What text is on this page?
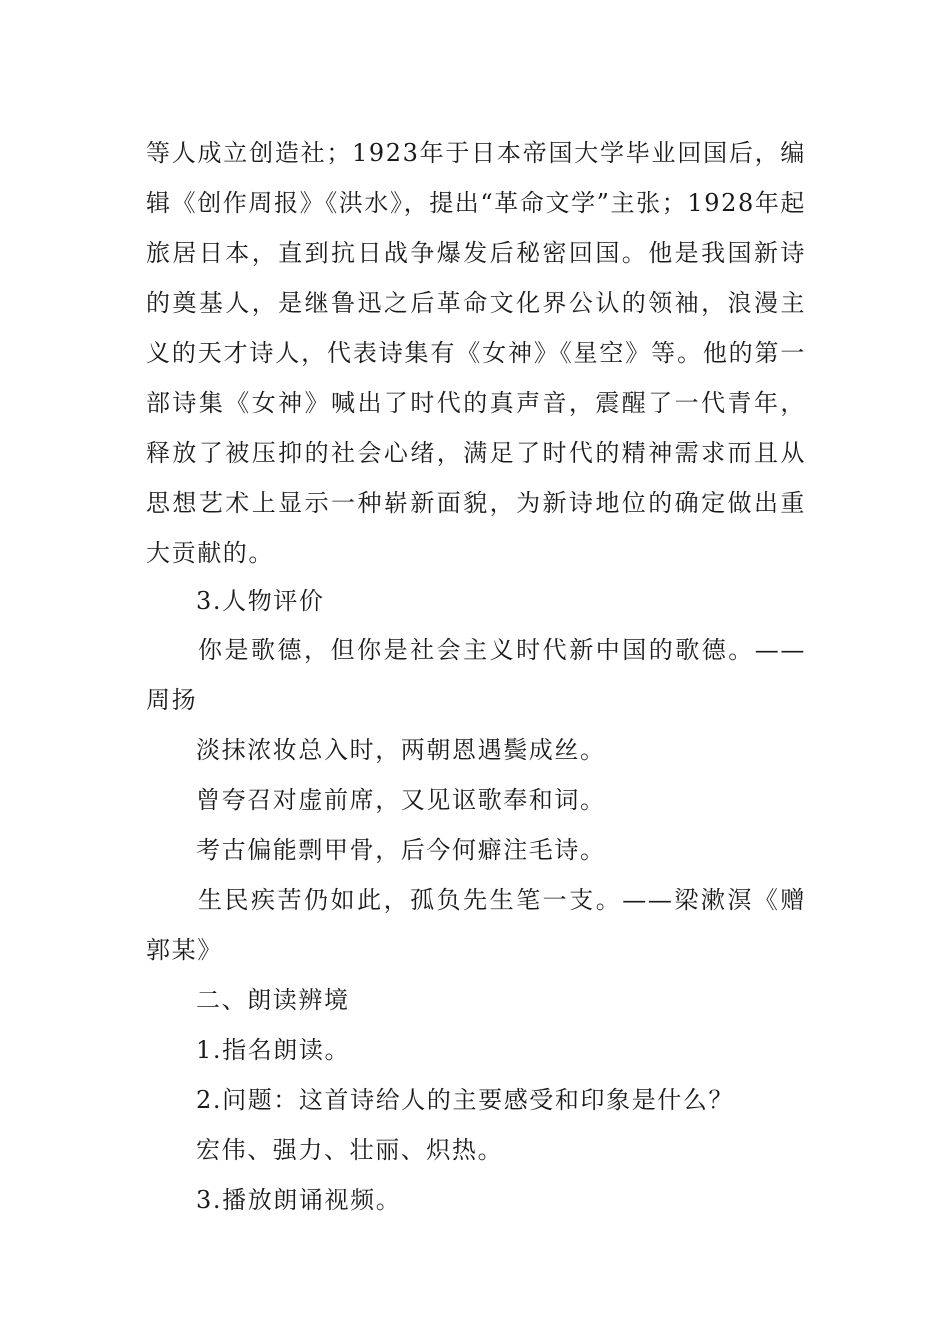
等人成立创造社；1923年于日本帝国大学毕业回国后，编辑《创作周报》《洪水》，提出“革命文学”主张；1928年起旅居日本，直到抗日战争爆发后秘密回国。他是我国新诗的奠基人，是继鲁迅之后革命文化界公认的领袖，浪漫主义的天才诗人，代表诗集有《女神》《星空》等。他的第一部诗集《女神》喊出了时代的真声音，震醒了一代青年，释放了被压抑的社会心绪，满足了时代的精神需求而且从思想艺术上显示一种崭新面貌，为新诗地位的确定做出重大贡献的。

3.人物评价

你是歌德，但你是社会主义时代新中国的歌德。——周扬

淡抹浓妆总入时，两朝恩遇鬓成丝。

曾夸召对虚前席，又见讴歌奉和词。

考古偏能剽甲骨，后今何癖注毛诗。

生民疾苦仍如此，孤负先生笔一支。——梁漱溟《赠郭某》

二、朗读辨境

1.指名朗读。

2.问题：这首诗给人的主要感受和印象是什么？

宏伟、强力、壮丽、炽热。

3.播放朗诵视频。
